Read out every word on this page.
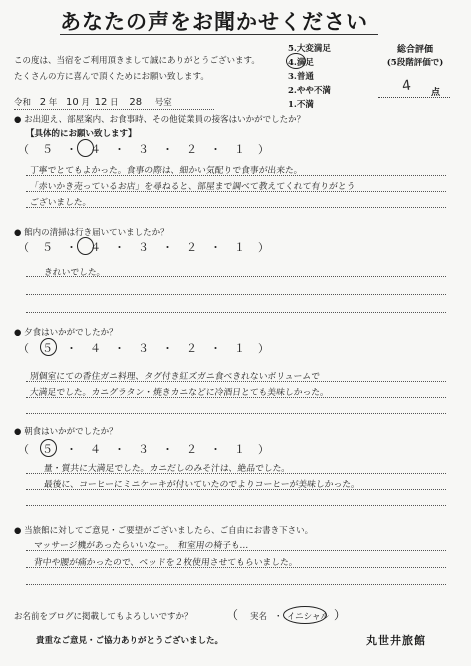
あなたの声をお聞かせください
この度は、当宿をご利用頂きまして誠にありがとうございます。
たくさんの方に喜んで頂くためにお願い致します。
5.大変満足
4.満足
3.普通
2.やや不満
1.不満
総合評価
(5段階評価で)
4 点
令和 2 年 10 月 12 日 28 号室
● お出迎え、部屋案内、お食事時、その他従業員の接客はいかがでしたか？
【具体的にお願い致します】
（　５　・　４　・　３　・　２　・　１　）
丁寧でとてもよかった。食事の際は、細かい気配りで食事が出来た。
「赤いかき売っているお店」を尋ねると、部屋まで調べて教えてくれて有りがとう
ございました。
● 館内の清掃は行き届いていましたか？
（　５　・　４　・　３　・　２　・　１　）
きれいでした。
● 夕食はいかがでしたか？
（　５　・　４　・　３　・　２　・　１　）
別個室にての香住ガニ料理、タグ付き紅ズガニ食べきれないボリュームで
大満足でした。カニグラタン・焼きカニなどに冷酒日とても美味しかった。
● 朝食はいかがでしたか？
（　５　・　４　・　３　・　２　・　１　）
量・質共に大満足でした。カニだしのみそ汁は、絶品でした。
最後に、コーヒーにミニケーキが付いていたのでよりコーヒーが美味しかった。
● 当旅館に対してご意見・ご要望がございましたら、ご自由にお書き下さい。
マッサージ機があったらいいなー。　和室用の椅子も…
背中や腰が痛かったので、ベッドを２枚使用させてもらいました。
お名前をブログに掲載してもよろしいですか？	（ 実名 ・ イニシャル ）
貴重なご意見・ご協力ありがとうございました。	丸世井旅館
